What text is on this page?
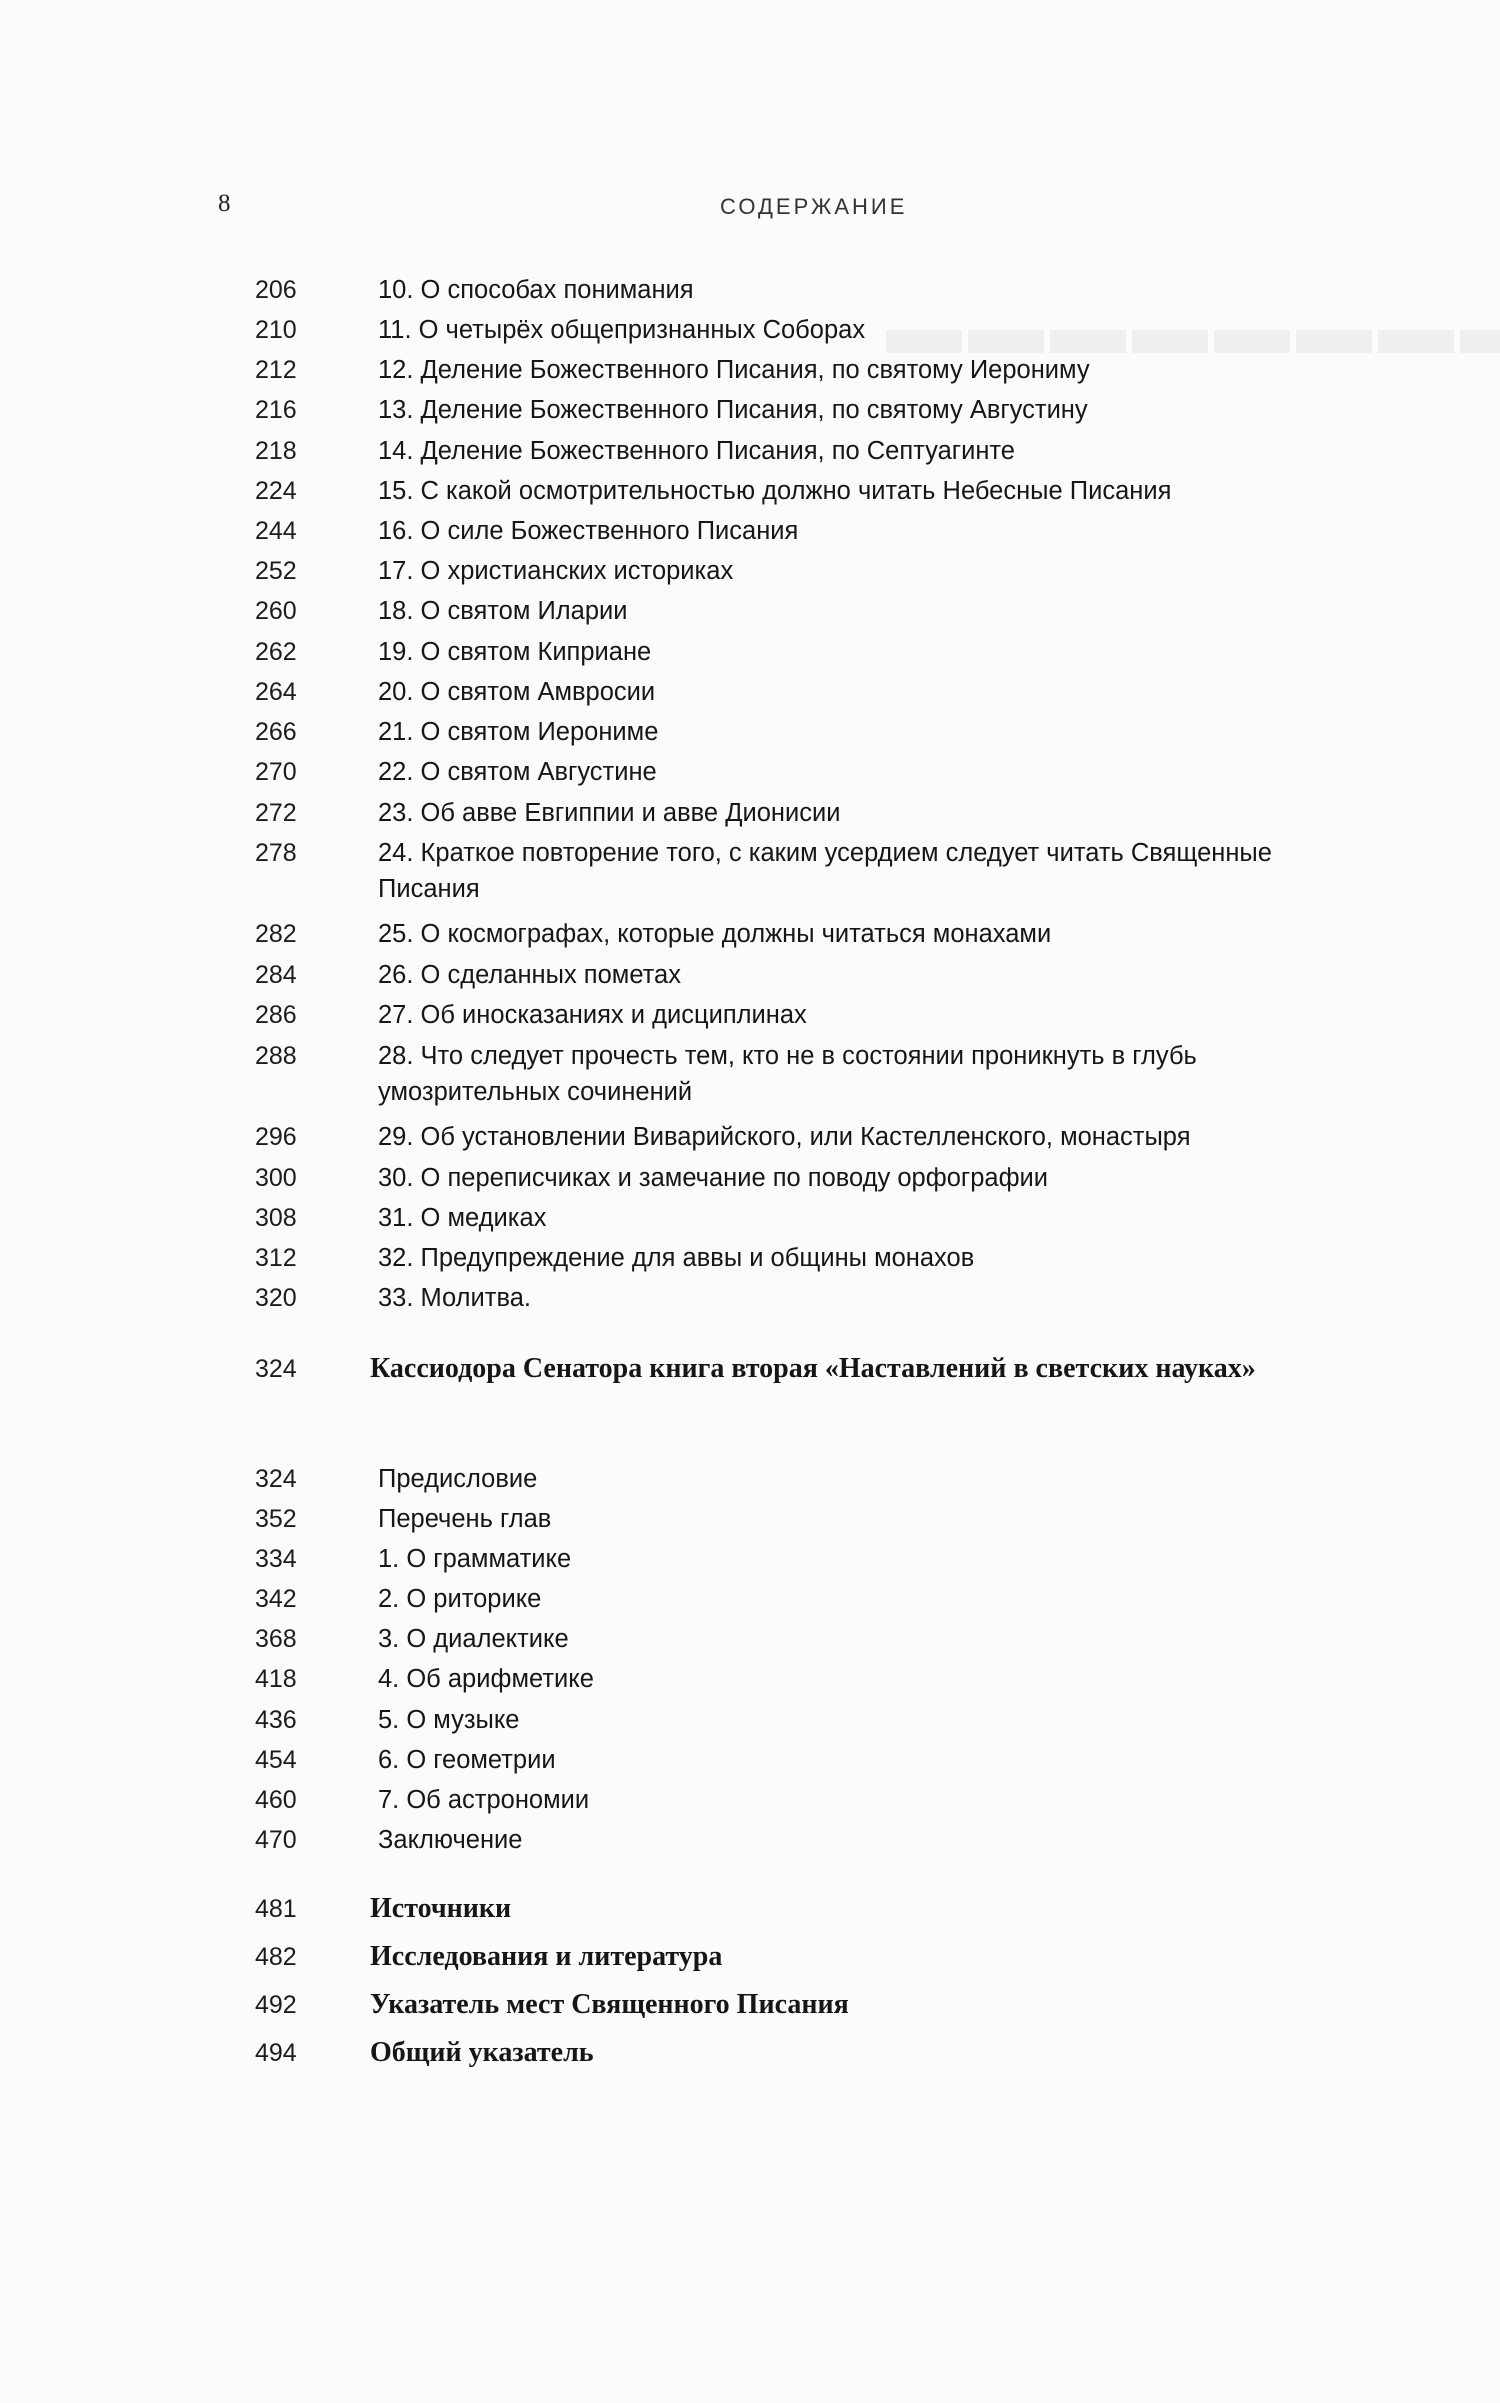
8	СОДЕРЖАНИЕ
206	10. О способах понимания
210	11. О четырёх общепризнанных Соборах
212	12. Деление Божественного Писания, по святому Иерониму
216	13. Деление Божественного Писания, по святому Августину
218	14. Деление Божественного Писания, по Септуагинте
224	15. С какой осмотрительностью должно читать Небесные Писания
244	16. О силе Божественного Писания
252	17. О христианских историках
260	18. О святом Иларии
262	19. О святом Киприане
264	20. О святом Амвросии
266	21. О святом Иерониме
270	22. О святом Августине
272	23. Об авве Евгиппии и авве Дионисии
278	24. Краткое повторение того, с каким усердием следует читать Священные Писания
282	25. О космографах, которые должны читаться монахами
284	26. О сделанных пометах
286	27. Об иносказаниях и дисциплинах
288	28. Что следует прочесть тем, кто не в состоянии проникнуть в глубь умозрительных сочинений
296	29. Об установлении Виварийского, или Кастелленского, монастыря
300	30. О переписчиках и замечание по поводу орфографии
308	31. О медиках
312	32. Предупреждение для аввы и общины монахов
320	33. Молитва.
324	Кассиодора Сенатора книга вторая «Наставлений в светских науках»
324	Предисловие
352	Перечень глав
334	1. О грамматике
342	2. О риторике
368	3. О диалектике
418	4. Об арифметике
436	5. О музыке
454	6. О геометрии
460	7. Об астрономии
470	Заключение
481	Источники
482	Исследования и литература
492	Указатель мест Священного Писания
494	Общий указатель
